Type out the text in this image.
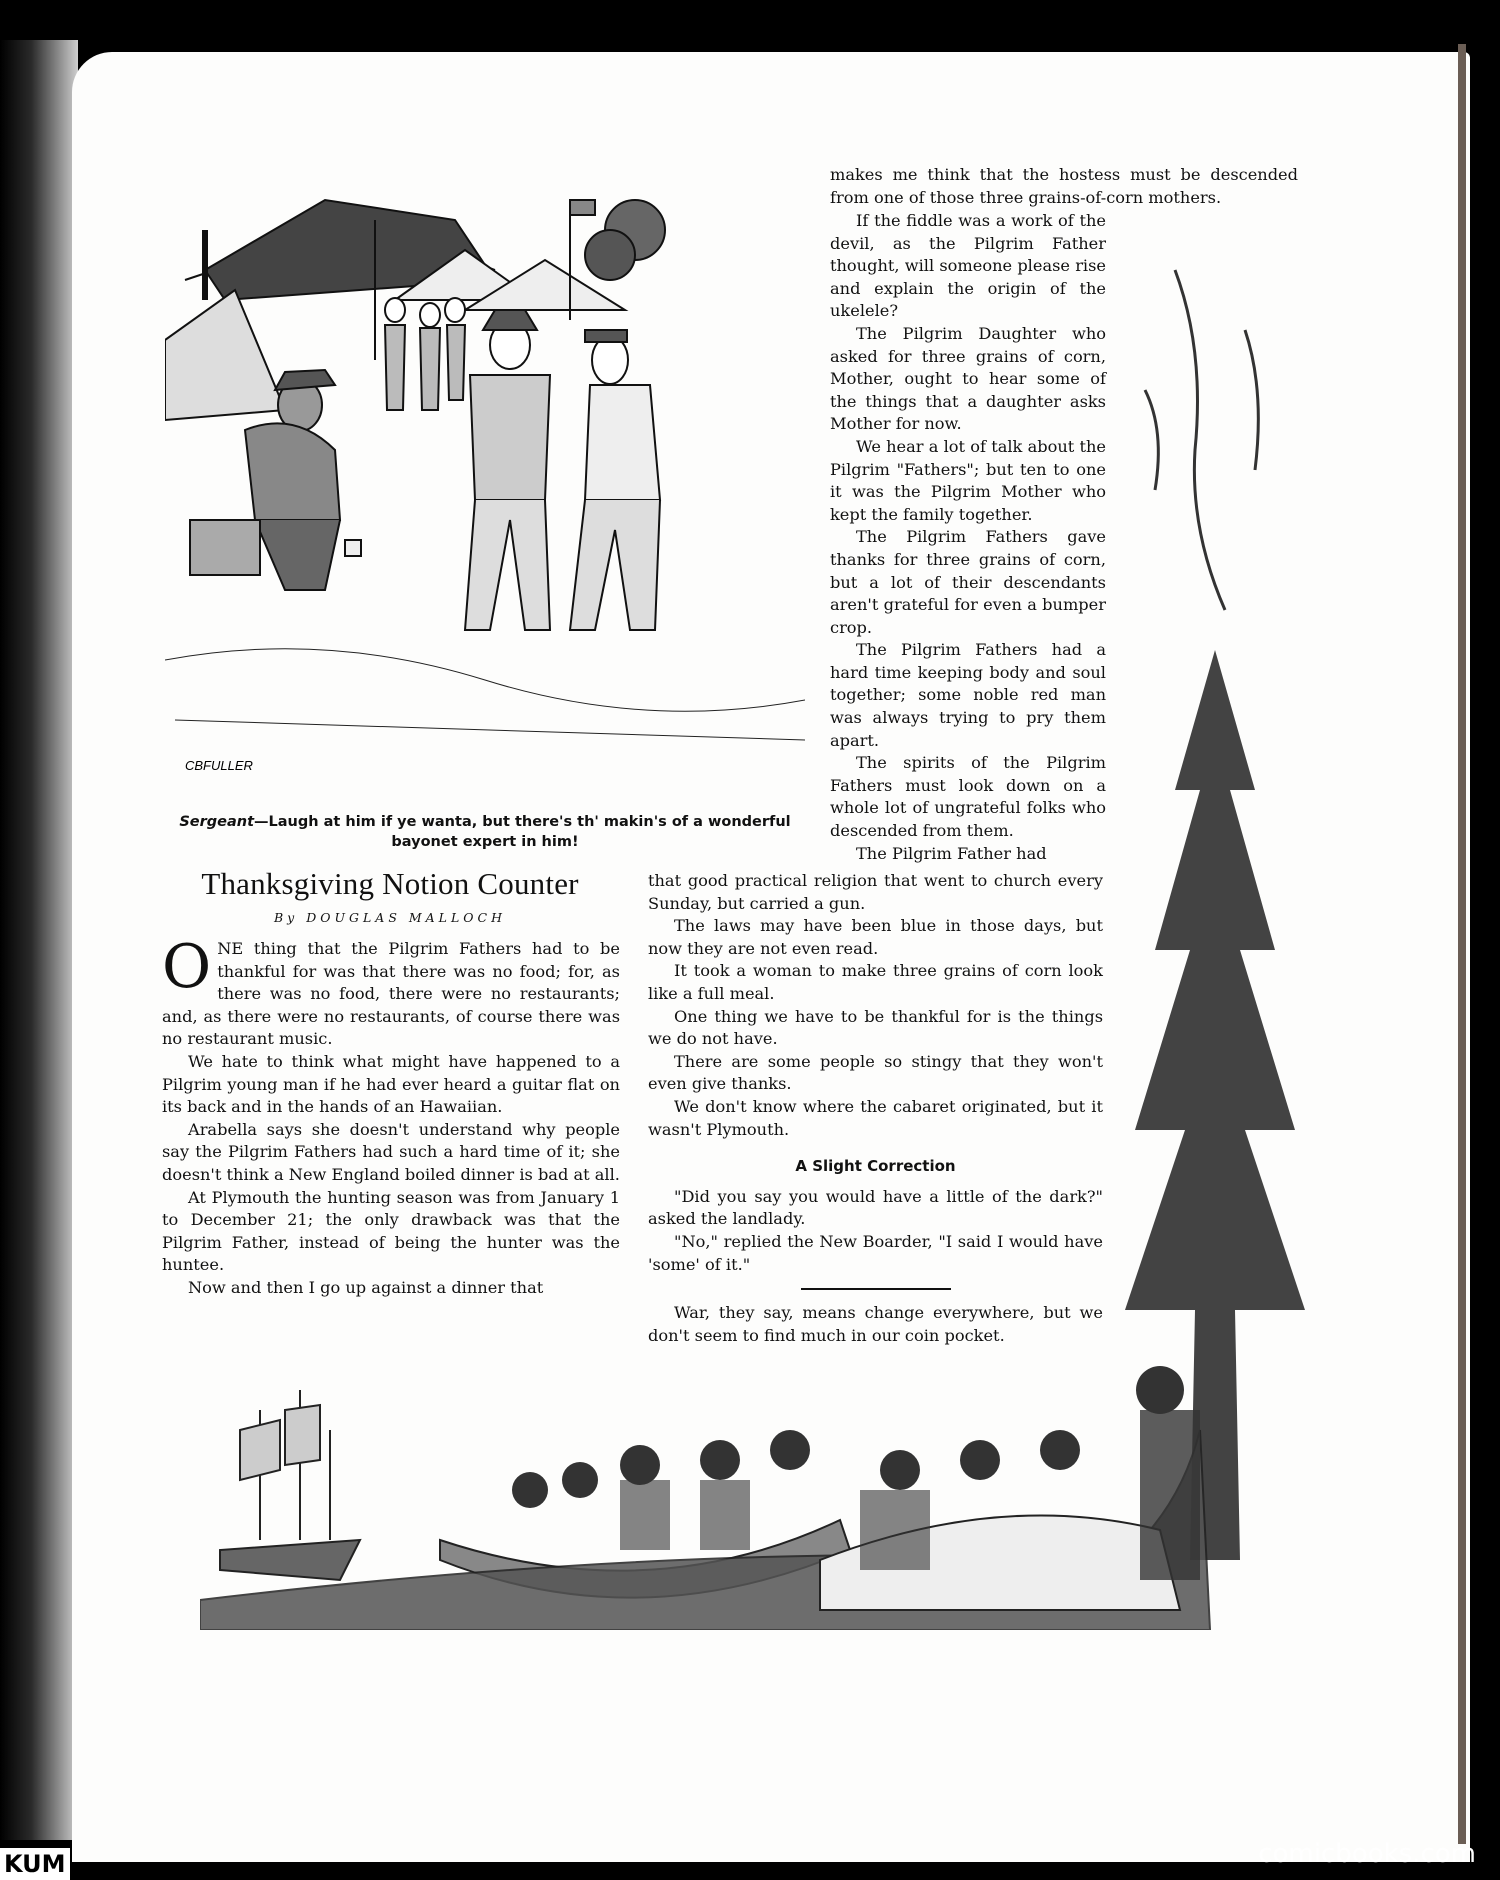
CBFULLER
Sergeant—Laugh at him if ye wanta, but there's th' makin's of a wonderful bayonet expert in him!
Thanksgiving Notion Counter
By DOUGLAS MALLOCH

ONE thing that the Pilgrim Fathers had to be thankful for was that there was no food; for, as there was no food, there were no restaurants; and, as there were no restaurants, of course there was no restaurant music.

We hate to think what might have happened to a Pilgrim young man if he had ever heard a guitar flat on its back and in the hands of an Hawaiian.

Arabella says she doesn't understand why people say the Pilgrim Fathers had such a hard time of it; she doesn't think a New England boiled dinner is bad at all.

At Plymouth the hunting season was from January 1 to December 21; the only drawback was that the Pilgrim Father, instead of being the hunter was the huntee.

Now and then I go up against a dinner that

makes me think that the hostess must be descended from one of those three grains-of-corn mothers.

If the fiddle was a work of the devil, as the Pilgrim Father thought, will someone please rise and explain the origin of the ukelele?

The Pilgrim Daughter who asked for three grains of corn, Mother, ought to hear some of the things that a daughter asks Mother for now.

We hear a lot of talk about the Pilgrim "Fathers"; but ten to one it was the Pilgrim Mother who kept the family together.

The Pilgrim Fathers gave thanks for three grains of corn, but a lot of their descendants aren't grateful for even a bumper crop.

The Pilgrim Fathers had a hard time keeping body and soul together; some noble red man was always trying to pry them apart.

The spirits of the Pilgrim Fathers must look down on a whole lot of ungrateful folks who descended from them.

The Pilgrim Father had

that good practical religion that went to church every Sunday, but carried a gun.

The laws may have been blue in those days, but now they are not even read.

It took a woman to make three grains of corn look like a full meal.

One thing we have to be thankful for is the things we do not have.

There are some people so stingy that they won't even give thanks.

We don't know where the cabaret originated, but it wasn't Plymouth.

A Slight Correction

"Did you say you would have a little of the dark?" asked the landlady.

"No," replied the New Boarder, "I said I would have 'some' of it."

War, they say, means change everywhere, but we don't seem to find much in our coin pocket.

comicbooks.com
KUM
